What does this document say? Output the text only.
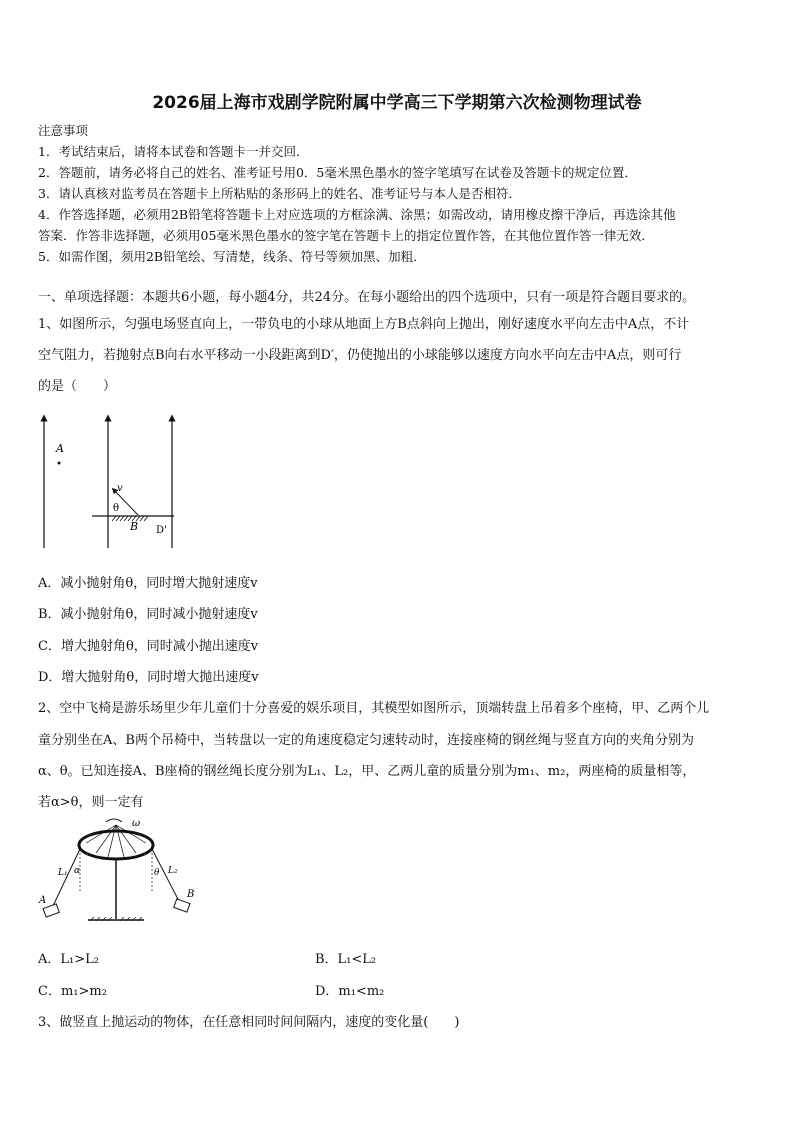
2026届上海市戏剧学院附属中学高三下学期第六次检测物理试卷
注意事项
1．考试结束后，请将本试卷和答题卡一并交回．
2．答题前，请务必将自己的姓名、准考证号用0．5毫米黑色墨水的签字笔填写在试卷及答题卡的规定位置．
3．请认真核对监考员在答题卡上所粘贴的条形码上的姓名、准考证号与本人是否相符．
4．作答选择题，必须用2B铅笔将答题卡上对应选项的方框涂满、涂黑；如需改动，请用橡皮擦干净后，再选涂其他
答案．作答非选择题，必须用05毫米黑色墨水的签字笔在答题卡上的指定位置作答，在其他位置作答一律无效．
5．如需作图，须用2B铅笔绘、写清楚，线条、符号等须加黑、加粗．
一、单项选择题：本题共6小题，每小题4分，共24分。在每小题给出的四个选项中，只有一项是符合题目要求的。
1、如图所示，匀强电场竖直向上，一带负电的小球从地面上方B点斜向上抛出，刚好速度水平向左击中A点，不计
空气阻力，若抛射点B向右水平移动一小段距离到D′，仍使抛出的小球能够以速度方向水平向左击中A点，则可行
的是（　　）
A
v
θ
B D'
A．减小抛射角θ，同时增大抛射速度v
B．减小抛射角θ，同时减小抛射速度v
C．增大抛射角θ，同时减小抛出速度v
D．增大抛射角θ，同时增大抛出速度v
2、空中飞椅是游乐场里少年儿童们十分喜爱的娱乐项目，其模型如图所示，顶端转盘上吊着多个座椅，甲、乙两个儿
童分别坐在A、B两个吊椅中，当转盘以一定的角速度稳定匀速转动时，连接座椅的钢丝绳与竖直方向的夹角分别为
α、θ。已知连接A、B座椅的钢丝绳长度分别为L₁、L₂，甲、乙两儿童的质量分别为m₁、m₂，两座椅的质量相等，
若α>θ，则一定有
ω
L₁ α
A
θ L₂
B
A．L₁>L₂	B．L₁<L₂
C．m₁>m₂	D．m₁<m₂
3、做竖直上抛运动的物体，在任意相同时间间隔内，速度的变化量(　　)
